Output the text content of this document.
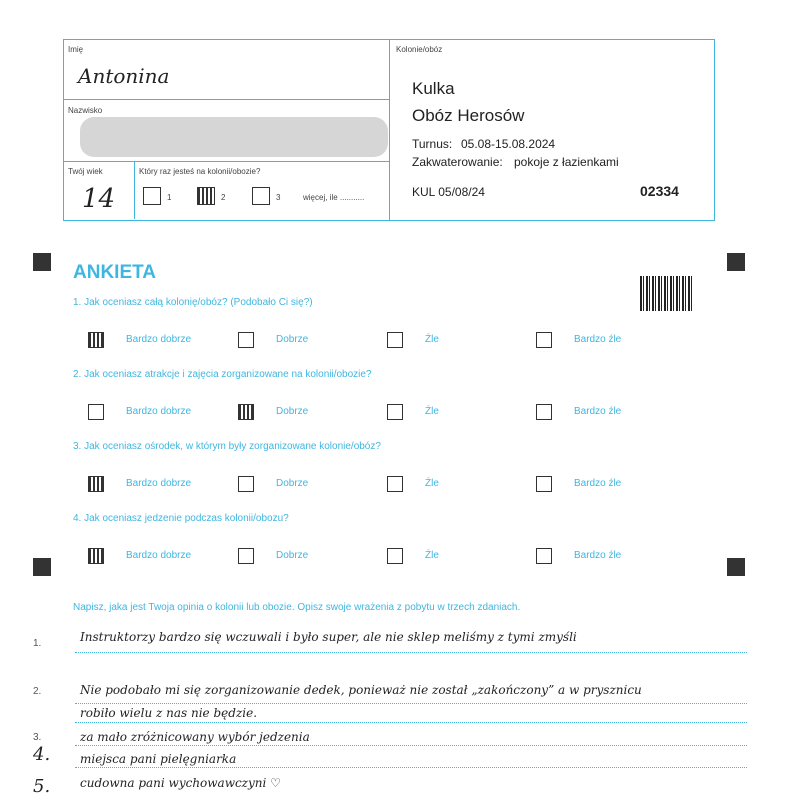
Imię
Antonina
Nazwisko
Twój wiek
14
Który raz jesteś na kolonii/obozie?
1	2	3	więcej, ile ...........
Kolonie/obóz
Kulka
Obóz Herosów
Turnus: 05.08-15.08.2024
Zakwaterowanie: pokoje z łazienkami
KUL 05/08/24	02334
ANKIETA
1. Jak oceniasz całą kolonię/obóz? (Podobało Ci się?)
Bardzo dobrze	Dobrze	Źle	Bardzo źle
2. Jak oceniasz atrakcje i zajęcia zorganizowane na kolonii/obozie?
Bardzo dobrze	Dobrze	Źle	Bardzo źle
3. Jak oceniasz ośrodek, w którym były zorganizowane kolonie/obóz?
Bardzo dobrze	Dobrze	Źle	Bardzo źle
4. Jak oceniasz jedzenie podczas kolonii/obozu?
Bardzo dobrze	Dobrze	Źle	Bardzo źle
Napisz, jaka jest Twoja opinia o kolonii lub obozie. Opisz swoje wrażenia z pobytu w trzech zdaniach.
1.
2.
3.
4.
5.
Instruktorzy bardzo się wczuwali i było super, ale nie sklep meliśmy z tymi zmyśli
Nie podobało mi się zorganizowanie dedek, ponieważ nie został „zakończony” a w prysznicu
robiło wielu z nas nie będzie.
za mało zróżnicowany wybór jedzenia
miejsca pani pielęgniarka
cudowna pani wychowawczyni ♡
